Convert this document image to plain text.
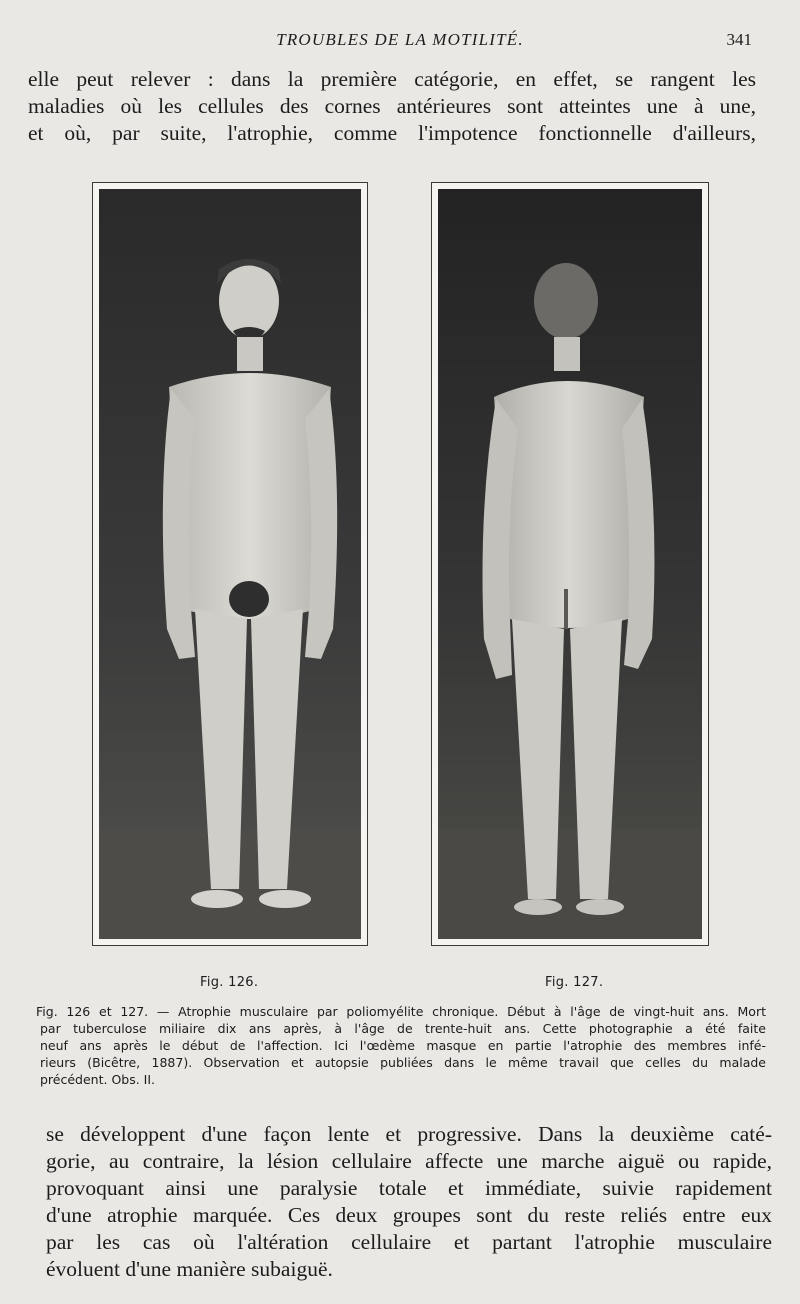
TROUBLES DE LA MOTILITÉ.	341

elle peut relever : dans la première catégorie, en effet, se rangent les
maladies où les cellules des cornes antérieures sont atteintes une à une,
et où, par suite, l'atrophie, comme l'impotence fonctionnelle d'ailleurs,

Fig. 126.	Fig. 127.

Fig. 126 et 127. — Atrophie musculaire par poliomyélite chronique. Début à l'âge de vingt-huit ans. Mort
par tuberculose miliaire dix ans après, à l'âge de trente-huit ans. Cette photographie a été faite
neuf ans après le début de l'affection. Ici l'œdème masque en partie l'atrophie des membres infé-
rieurs (Bicêtre, 1887). Observation et autopsie publiées dans le même travail que celles du malade
précédent. Obs. II.

se développent d'une façon lente et progressive. Dans la deuxième caté-
gorie, au contraire, la lésion cellulaire affecte une marche aiguë ou rapide,
provoquant ainsi une paralysie totale et immédiate, suivie rapidement
d'une atrophie marquée. Ces deux groupes sont du reste reliés entre eux
par les cas où l'altération cellulaire et partant l'atrophie musculaire
évoluent d'une manière subaiguë.
